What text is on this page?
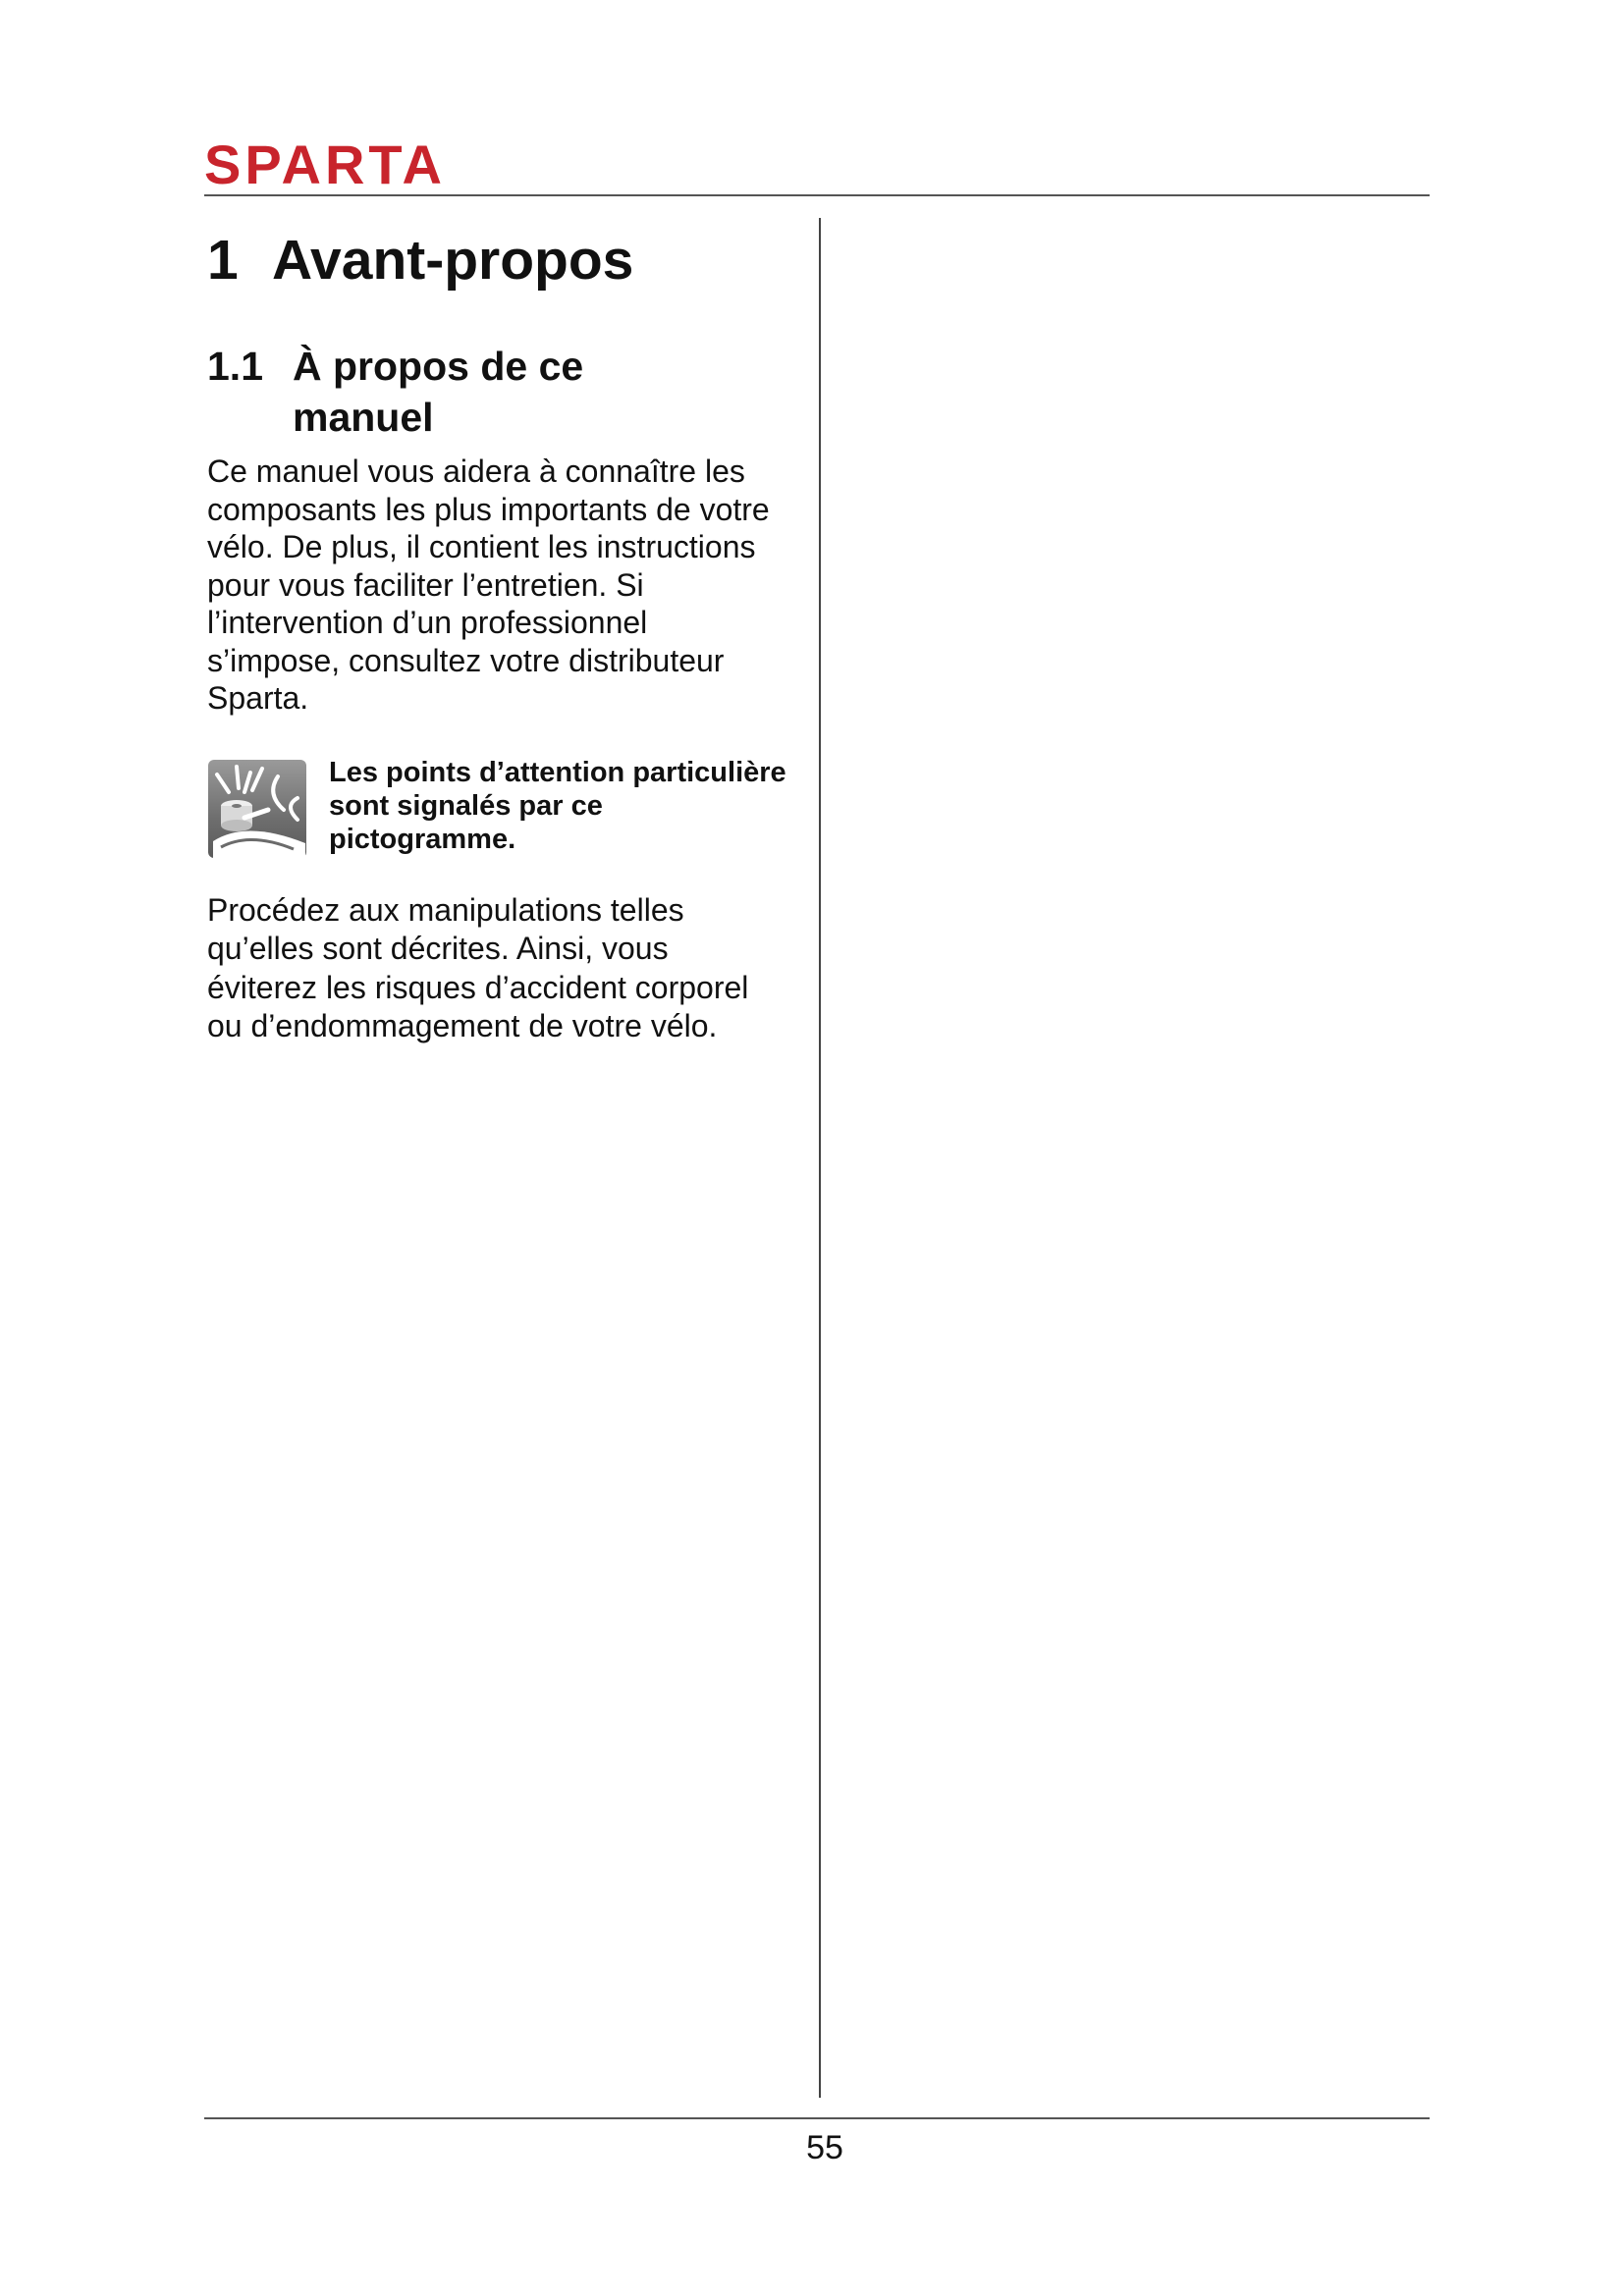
SPARTA
1 Avant-propos
1.1 À propos de ce manuel
Ce manuel vous aidera à connaître les composants les plus importants de votre vélo. De plus, il contient les instructions pour vous faciliter l’entretien. Si l’intervention d’un professionnel s’impose, consultez votre distributeur Sparta.
Les points d’attention particulière sont signalés par ce pictogramme.
Procédez aux manipulations telles qu’elles sont décrites. Ainsi, vous éviterez les risques d’accident corporel ou d’endommagement de votre vélo.
55
